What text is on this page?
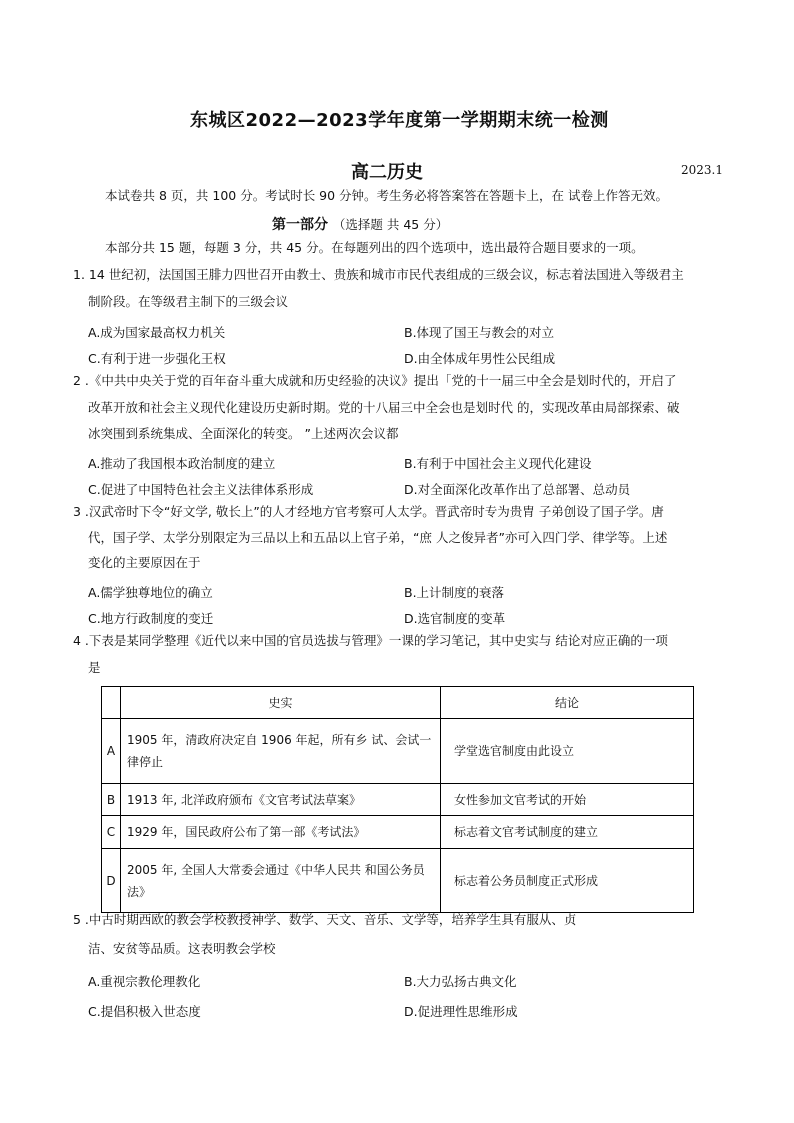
东城区2022—2023学年度第一学期期末统一检测
高二历史	2023.1
本试卷共 8 页，共 100 分。考试时长 90 分钟。考生务必将答案答在答题卡上，在 试卷上作答无效。
第一部分 （选择题 共 45 分）
本部分共 15 题，每题 3 分，共 45 分。在每题列出的四个选项中，选出最符合题目要求的一项。
1. 14 世纪初，法国国王腓力四世召开由教士、贵族和城市市民代表组成的三级会议，标志着法国进入等级君主
制阶段。在等级君主制下的三级会议
A.成为国家最高权力机关	B.体现了国王与教会的对立
C.有利于进一步强化王权	D.由全体成年男性公民组成
2 .《中共中央关于党的百年奋斗重大成就和历史经验的决议》提出「党的十一届三中全会是划时代的，开启了
改革开放和社会主义现代化建设历史新时期。党的十八届三中全会也是划时代 的，实现改革由局部探索、破
冰突围到系统集成、全面深化的转变。 ”上述两次会议都
A.推动了我国根本政治制度的建立	B.有利于中国社会主义现代化建设
C.促进了中国特色社会主义法律体系形成	D.对全面深化改革作出了总部署、总动员
3 .汉武帝时下令“好文学, 敬长上”的人才经地方官考察可人太学。晋武帝时专为贵胄 子弟创设了国子学。唐
代，国子学、太学分别限定为三品以上和五品以上官子弟，“庶 人之俊异者”亦可入四门学、律学等。上述
变化的主要原因在于
A.儒学独尊地位的确立	B.上计制度的衰落
C.地方行政制度的变迁	D.选官制度的变革
4 .下表是某同学整理《近代以来中国的官员选拔与管理》一课的学习笔记，其中史实与 结论对应正确的一项
是
	史实	结论
A	1905 年，清政府决定自 1906 年起，所有乡 试、会试一律停止	学堂选官制度由此设立
B	1913 年, 北洋政府颁布《文官考试法草案》	女性参加文官考试的开始
C	1929 年，国民政府公布了第一部《考试法》	标志着文官考试制度的建立
D	2005 年, 全国人大常委会通过《中华人民共 和国公务员法》	标志着公务员制度正式形成
5 .中古时期西欧的教会学校教授神学、数学、天文、音乐、文学等，培养学生具有服从、贞
洁、安贫等品质。这表明教会学校
A.重视宗教伦理教化	B.大力弘扬古典文化
C.提倡积极入世态度	D.促进理性思维形成
